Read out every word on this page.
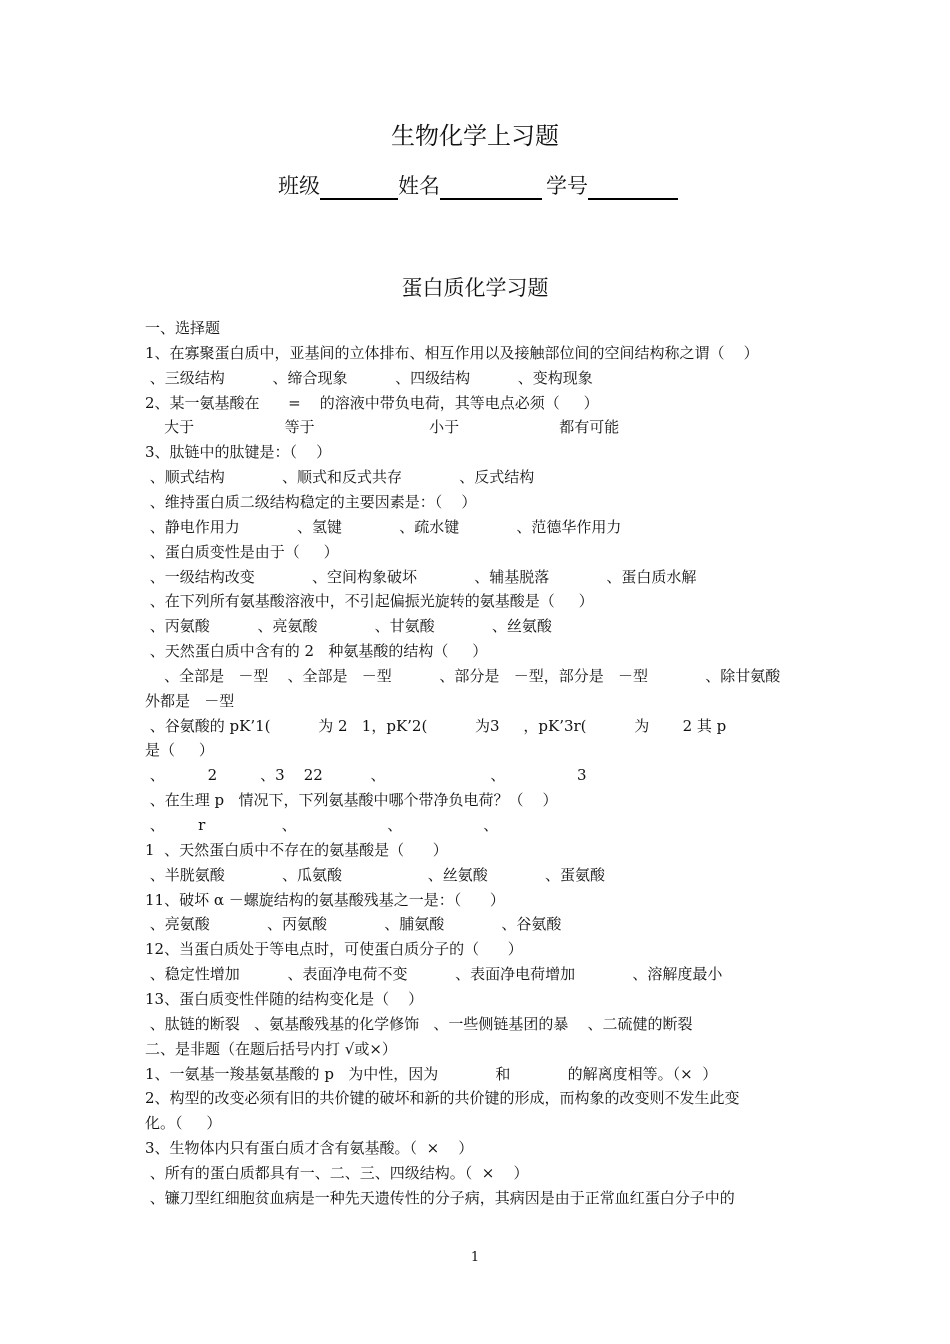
生物化学上习题
班级	姓名	学号
蛋白质化学习题
一、选择题
1、在寡聚蛋白质中，亚基间的立体排布、相互作用以及接触部位间的空间结构称之谓（    ）
、三级结构          、缔合现象          、四级结构          、变构现象
2、某一氨基酸在      =    的溶液中带负电荷，其等电点必须（     ）
大于                   等于                        小于                     都有可能
3、肽链中的肽键是：（    ）
、顺式结构            、顺式和反式共存            、反式结构
、维持蛋白质二级结构稳定的主要因素是：（    ）
、静电作用力            、氢键            、疏水键            、范德华作用力
、蛋白质变性是由于（     ）
、一级结构改变            、空间构象破坏            、辅基脱落            、蛋白质水解
、在下列所有氨基酸溶液中，不引起偏振光旋转的氨基酸是（     ）
、丙氨酸          、亮氨酸            、甘氨酸            、丝氨酸
、天然蛋白质中含有的 2   种氨基酸的结构（     ）
、全部是   －型    、全部是   －型          、部分是   －型，部分是   －型            、除甘氨酸
外都是   －型
、谷氨酸的 pK’1(          为 2   1，pK’2(          为3     ，pK’3r(          为       2 其 p
是（     ）
、         2         、3    22          、                      、               3
、在生理 p   情况下，下列氨基酸中哪个带净负电荷？（    ）
、       r                、                   、                 、
1  、天然蛋白质中不存在的氨基酸是（      ）
、半胱氨酸            、瓜氨酸                  、丝氨酸            、蛋氨酸
11、破坏 α －螺旋结构的氨基酸残基之一是：（      ）
、亮氨酸            、丙氨酸            、脯氨酸            、谷氨酸
12、当蛋白质处于等电点时，可使蛋白质分子的（      ）
、稳定性增加          、表面净电荷不变          、表面净电荷增加            、溶解度最小
13、蛋白质变性伴随的结构变化是（    ）
、肽链的断裂   、氨基酸残基的化学修饰   、一些侧链基团的暴    、二硫健的断裂
二、是非题（在题后括号内打 √或×）
1、一氨基一羧基氨基酸的 p   为中性，因为            和            的解离度相等。（×  ）
2、构型的改变必须有旧的共价键的破坏和新的共价键的形成，而构象的改变则不发生此变
化。（     ）
3、生物体内只有蛋白质才含有氨基酸。（  ×    ）
、所有的蛋白质都具有一、二、三、四级结构。（  ×    ）
、镰刀型红细胞贫血病是一种先天遗传性的分子病，其病因是由于正常血红蛋白分子中的
1
